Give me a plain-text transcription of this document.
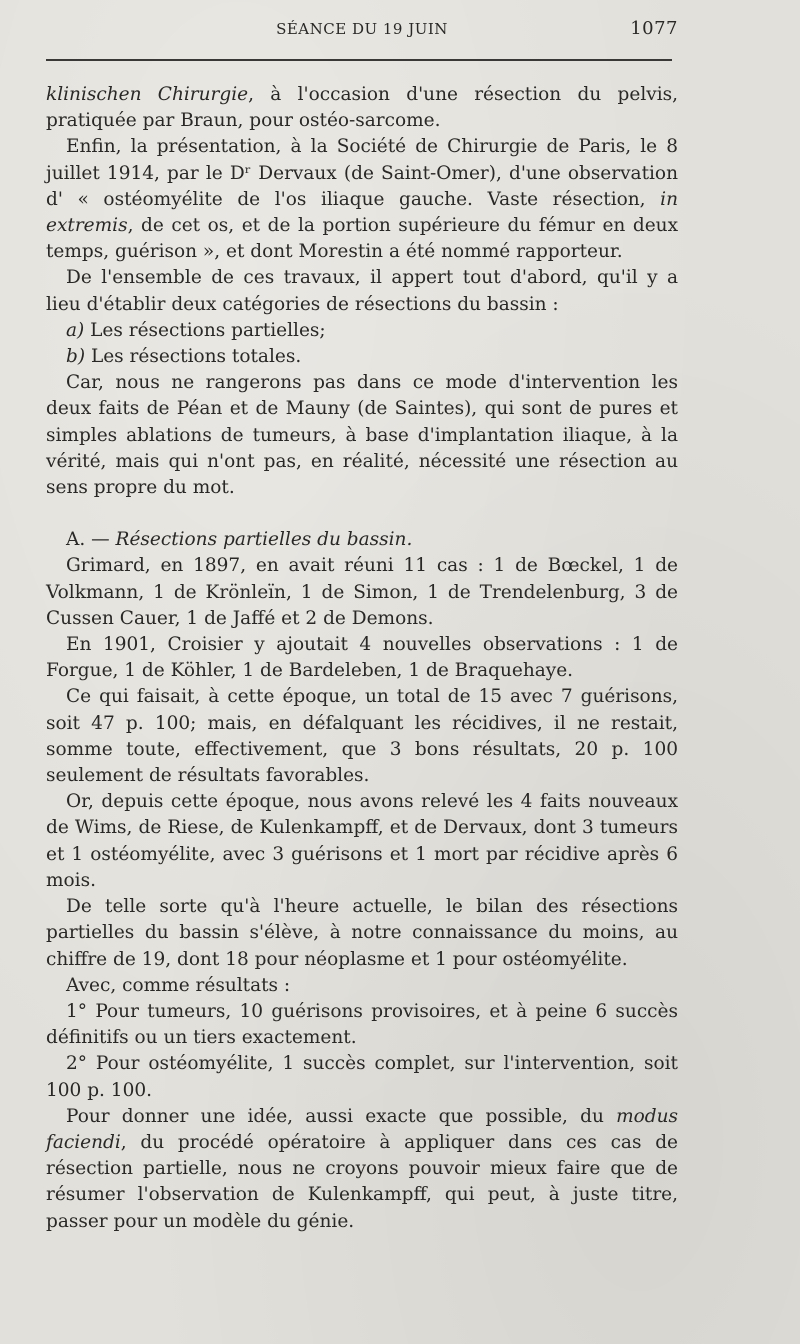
SÉANCE DU 19 JUIN	1077

klinischen Chirurgie, à l'occasion d'une résection du pelvis, pratiquée par Braun, pour ostéo-sarcome.

Enfin, la présentation, à la Société de Chirurgie de Paris, le 8 juillet 1914, par le Dʳ Dervaux (de Saint-Omer), d'une observation d' « ostéomyélite de l'os iliaque gauche. Vaste résection, in extremis, de cet os, et de la portion supérieure du fémur en deux temps, guérison », et dont Morestin a été nommé rapporteur.

De l'ensemble de ces travaux, il appert tout d'abord, qu'il y a lieu d'établir deux catégories de résections du bassin :

a) Les résections partielles;

b) Les résections totales.

Car, nous ne rangerons pas dans ce mode d'intervention les deux faits de Péan et de Mauny (de Saintes), qui sont de pures et simples ablations de tumeurs, à base d'implantation iliaque, à la vérité, mais qui n'ont pas, en réalité, nécessité une résection au sens propre du mot.

A. — Résections partielles du bassin.

Grimard, en 1897, en avait réuni 11 cas : 1 de Bœckel, 1 de Volkmann, 1 de Krönleïn, 1 de Simon, 1 de Trendelenburg, 3 de Cussen Cauer, 1 de Jaffé et 2 de Demons.

En 1901, Croisier y ajoutait 4 nouvelles observations : 1 de Forgue, 1 de Köhler, 1 de Bardeleben, 1 de Braquehaye.

Ce qui faisait, à cette époque, un total de 15 avec 7 guérisons, soit 47 p. 100; mais, en défalquant les récidives, il ne restait, somme toute, effectivement, que 3 bons résultats, 20 p. 100 seulement de résultats favorables.

Or, depuis cette époque, nous avons relevé les 4 faits nouveaux de Wims, de Riese, de Kulenkampff, et de Dervaux, dont 3 tumeurs et 1 ostéomyélite, avec 3 guérisons et 1 mort par récidive après 6 mois.

De telle sorte qu'à l'heure actuelle, le bilan des résections partielles du bassin s'élève, à notre connaissance du moins, au chiffre de 19, dont 18 pour néoplasme et 1 pour ostéomyélite.

Avec, comme résultats :

1° Pour tumeurs, 10 guérisons provisoires, et à peine 6 succès définitifs ou un tiers exactement.

2° Pour ostéomyélite, 1 succès complet, sur l'intervention, soit 100 p. 100.

Pour donner une idée, aussi exacte que possible, du modus faciendi, du procédé opératoire à appliquer dans ces cas de résection partielle, nous ne croyons pouvoir mieux faire que de résumer l'observation de Kulenkampff, qui peut, à juste titre, passer pour un modèle du génie.
